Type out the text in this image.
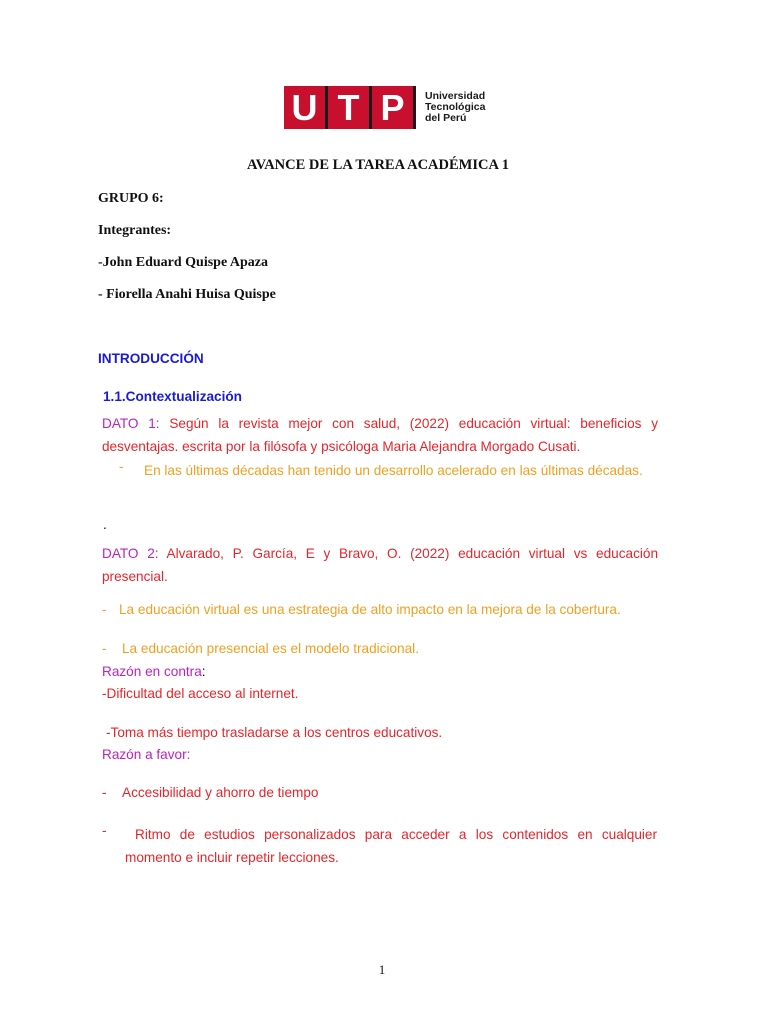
U T P	Universidad
Tecnológica
del Perú
AVANCE DE LA TAREA ACADÉMICA 1
GRUPO 6:
Integrantes:
-John Eduard Quispe Apaza
- Fiorella Anahi Huisa Quispe
INTRODUCCIÓN
1.1.Contextualización
DATO 1: Según la revista mejor con salud, (2022) educación virtual: beneficios y desventajas. escrita por la filósofa y psicóloga Maria Alejandra Morgado Cusati.
- En las últimas décadas han tenido un desarrollo acelerado en las últimas décadas.
.
DATO 2: Alvarado, P. García, E y Bravo, O. (2022) educación virtual vs educación presencial.
- La educación virtual es una estrategia de alto impacto en la mejora de la cobertura.
- La educación presencial es el modelo tradicional.
Razón en contra:
-Dificultad del acceso al internet.
-Toma más tiempo trasladarse a los centros educativos.
Razón a favor:
- Accesibilidad y ahorro de tiempo
-	Ritmo de estudios personalizados para acceder a los contenidos en cualquier momento e incluir repetir lecciones.
1
